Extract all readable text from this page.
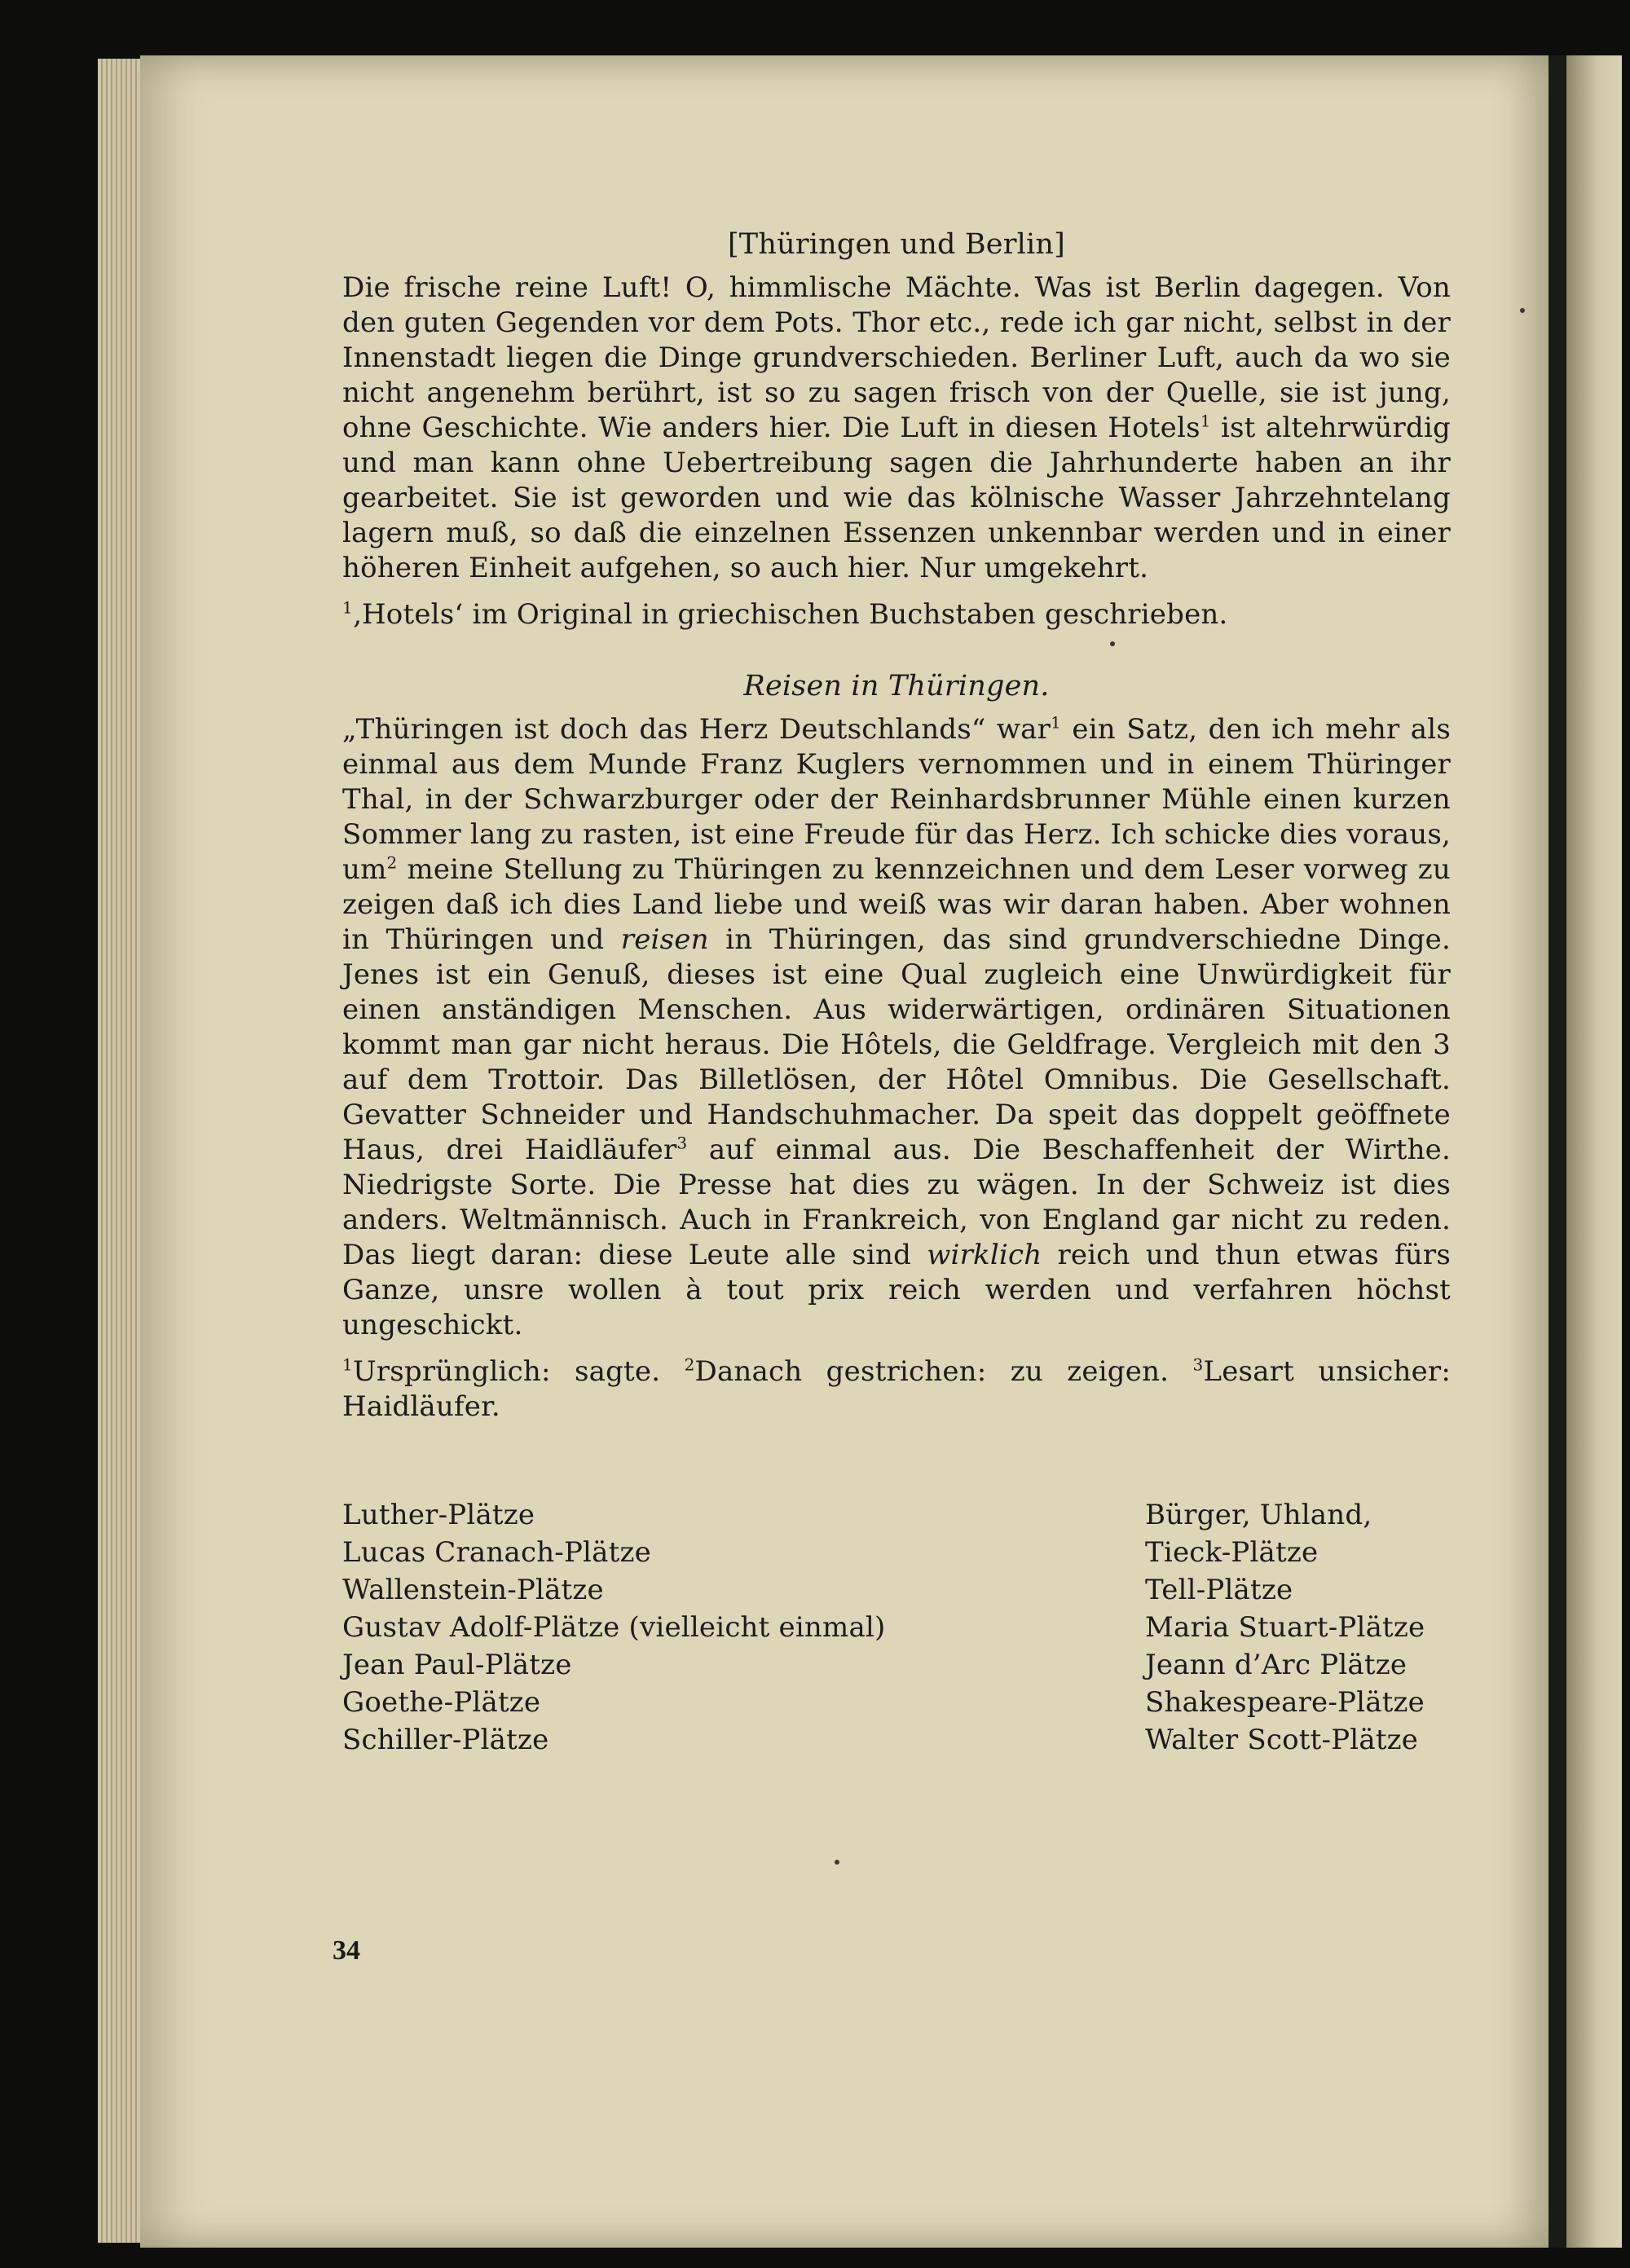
[Thüringen und Berlin]

Die frische reine Luft! O, himmlische Mächte. Was ist Berlin dagegen. Von den guten Gegenden vor dem Pots. Thor etc., rede ich gar nicht, selbst in der Innenstadt liegen die Dinge grundverschieden. Berliner Luft, auch da wo sie nicht angenehm berührt, ist so zu sagen frisch von der Quelle, sie ist jung, ohne Geschichte. Wie anders hier. Die Luft in diesen Hotels$^1$ ist altehrwürdig und man kann ohne Uebertreibung sagen die Jahrhunderte haben an ihr gearbeitet. Sie ist geworden und wie das kölnische Wasser Jahrzehntelang lagern muß, so daß die einzelnen Essenzen unkennbar werden und in einer höheren Einheit aufgehen, so auch hier. Nur umgekehrt.

$^1$‚Hotels‘ im Original in griechischen Buchstaben geschrieben.

Reisen in Thüringen.

„Thüringen ist doch das Herz Deutschlands“ war$^1$ ein Satz, den ich mehr als einmal aus dem Munde Franz Kuglers vernommen und in einem Thüringer Thal, in der Schwarzburger oder der Reinhardsbrunner Mühle einen kurzen Sommer lang zu rasten, ist eine Freude für das Herz. Ich schicke dies voraus, $um^2$ meine Stellung zu Thüringen zu kennzeichnen und dem Leser vorweg zu zeigen daß ich dies Land liebe und weiß was wir daran haben. Aber wohnen in Thüringen und reisen in Thüringen, das sind grundverschiedne Dinge. Jenes ist ein Genuß, dieses ist eine Qual zugleich eine Unwürdigkeit für einen anständigen Menschen. Aus widerwärtigen, ordinären Situationen kommt man gar nicht heraus. Die Hôtels, die Geldfrage. Vergleich mit den 3 auf dem Trottoir. Das Billetlösen, der Hôtel Omnibus. Die Gesellschaft. Gevatter Schneider und Handschuhmacher. Da speit das doppelt geöffnete Haus, drei Haidläufer$^3$ auf einmal aus. Die Beschaffenheit der Wirthe. Niedrigste Sorte. Die Presse hat dies zu wägen. In der Schweiz ist dies anders. Weltmännisch. Auch in Frankreich, von England gar nicht zu reden. Das liegt daran: diese Leute alle sind wirklich reich und thun etwas fürs Ganze, unsre wollen à tout prix reich werden und verfahren höchst ungeschickt.

$^1$Ursprünglich: sagte. $^2$Danach gestrichen: zu zeigen. $^3$Lesart unsicher: Haidläufer.

Luther-Plätze
Lucas Cranach-Plätze
Wallenstein-Plätze
Gustav Adolf-Plätze (vielleicht einmal)
Jean Paul-Plätze
Goethe-Plätze
Schiller-Plätze
Bürger, Uhland,
Tieck-Plätze
Tell-Plätze
Maria Stuart-Plätze
Jeann d’Arc Plätze
Shakespeare-Plätze
Walter Scott-Plätze
34
